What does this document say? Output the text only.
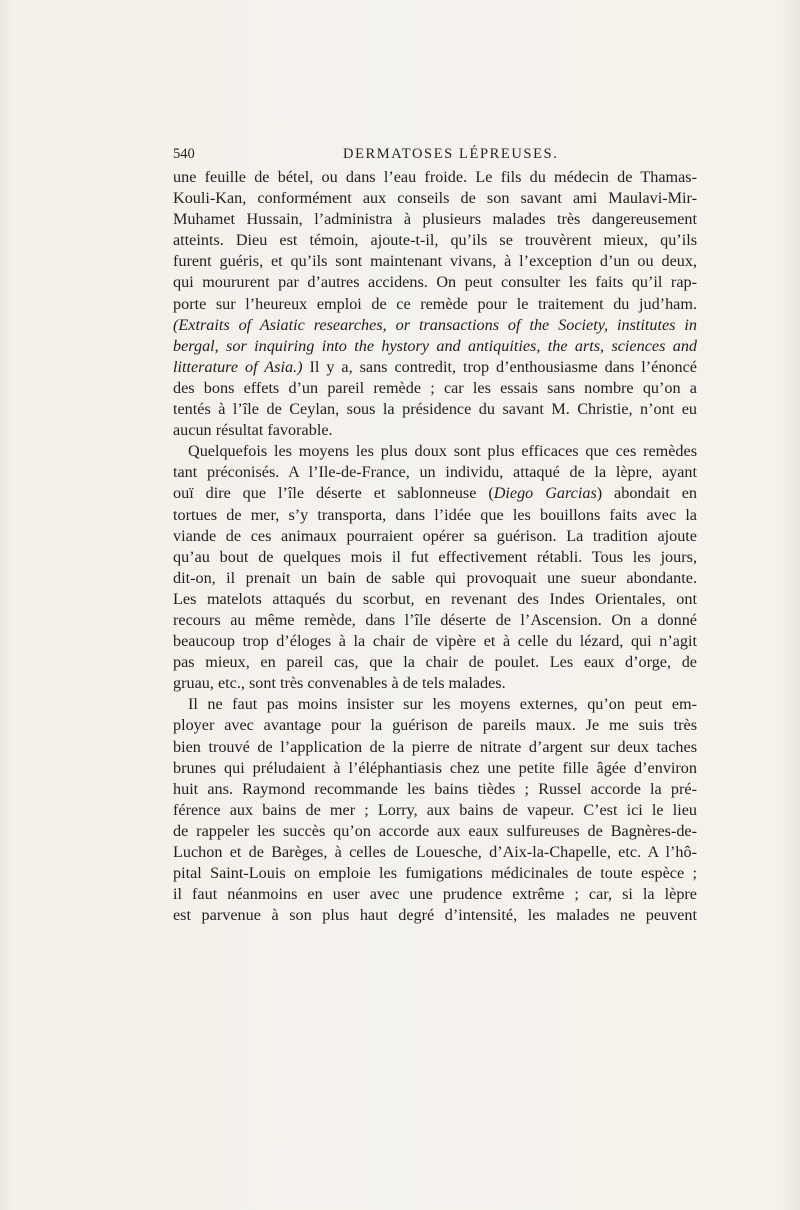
540	DERMATOSES LÉPREUSES.
une feuille de bétel, ou dans l’eau froide. Le fils du médecin de Thamas-
Kouli-Kan, conformément aux conseils de son savant ami Maulavi-Mir-
Muhamet Hussain, l’administra à plusieurs malades très dangereusement
atteints. Dieu est témoin, ajoute-t-il, qu’ils se trouvèrent mieux, qu’ils
furent guéris, et qu’ils sont maintenant vivans, à l’exception d’un ou deux,
qui moururent par d’autres accidens. On peut consulter les faits qu’il rap-
porte sur l’heureux emploi de ce remède pour le traitement du jud’ham.
(Extraits of Asiatic researches, or transactions of the Society, institutes in
bergal, sor inquiring into the hystory and antiquities, the arts, sciences and
litterature of Asia.) Il y a, sans contredit, trop d’enthousiasme dans l’énoncé
des bons effets d’un pareil remède ; car les essais sans nombre qu’on a
tentés à l’île de Ceylan, sous la présidence du savant M. Christie, n’ont eu
aucun résultat favorable.
Quelquefois les moyens les plus doux sont plus efficaces que ces remèdes
tant préconisés. A l’Ile-de-France, un individu, attaqué de la lèpre, ayant
ouï dire que l’île déserte et sablonneuse (Diego Garcias) abondait en
tortues de mer, s’y transporta, dans l’idée que les bouillons faits avec la
viande de ces animaux pourraient opérer sa guérison. La tradition ajoute
qu’au bout de quelques mois il fut effectivement rétabli. Tous les jours,
dit-on, il prenait un bain de sable qui provoquait une sueur abondante.
Les matelots attaqués du scorbut, en revenant des Indes Orientales, ont
recours au même remède, dans l’île déserte de l’Ascension. On a donné
beaucoup trop d’éloges à la chair de vipère et à celle du lézard, qui n’agit
pas mieux, en pareil cas, que la chair de poulet. Les eaux d’orge, de
gruau, etc., sont très convenables à de tels malades.
Il ne faut pas moins insister sur les moyens externes, qu’on peut em-
ployer avec avantage pour la guérison de pareils maux. Je me suis très
bien trouvé de l’application de la pierre de nitrate d’argent sur deux taches
brunes qui préludaient à l’éléphantiasis chez une petite fille âgée d’environ
huit ans. Raymond recommande les bains tièdes ; Russel accorde la pré-
férence aux bains de mer ; Lorry, aux bains de vapeur. C’est ici le lieu
de rappeler les succès qu’on accorde aux eaux sulfureuses de Bagnères-de-
Luchon et de Barèges, à celles de Louesche, d’Aix-la-Chapelle, etc. A l’hô-
pital Saint-Louis on emploie les fumigations médicinales de toute espèce ;
il faut néanmoins en user avec une prudence extrême ; car, si la lèpre
est parvenue à son plus haut degré d’intensité, les malades ne peuvent
